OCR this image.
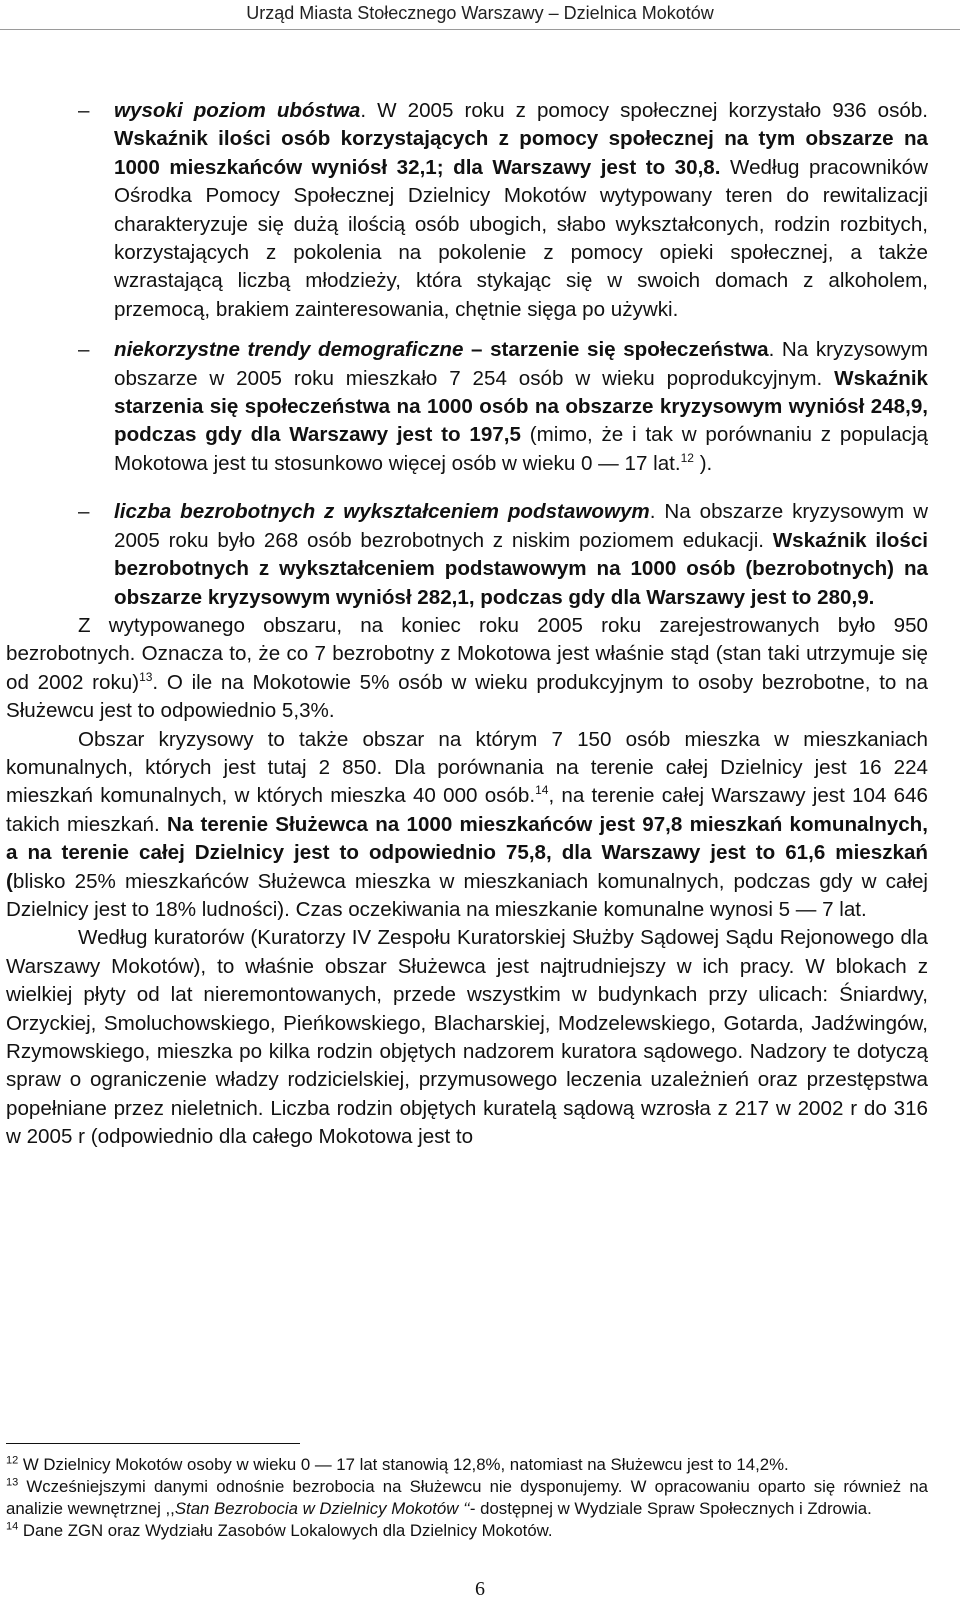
Urząd Miasta Stołecznego Warszawy – Dzielnica Mokotów

– wysoki poziom ubóstwa. W 2005 roku z pomocy społecznej korzystało 936 osób. Wskaźnik ilości osób korzystających z pomocy społecznej na tym obszarze na 1000 mieszkańców wyniósł 32,1; dla Warszawy jest to 30,8. Według pracowników Ośrodka Pomocy Społecznej Dzielnicy Mokotów wytypowany teren do rewitalizacji charakteryzuje się dużą ilością osób ubogich, słabo wykształconych, rodzin rozbitych, korzystających z pokolenia na pokolenie z pomocy opieki społecznej, a także wzrastającą liczbą młodzieży, która stykając się w swoich domach z alkoholem, przemocą, brakiem zainteresowania, chętnie sięga po używki.

– niekorzystne trendy demograficzne – starzenie się społeczeństwa. Na kryzysowym obszarze w 2005 roku mieszkało 7 254 osób w wieku poprodukcyjnym. Wskaźnik starzenia się społeczeństwa na 1000 osób na obszarze kryzysowym wyniósł 248,9, podczas gdy dla Warszawy jest to 197,5 (mimo, że i tak w porównaniu z populacją Mokotowa jest tu stosunkowo więcej osób w wieku 0 — 17 lat.$^{12}$ ).

– liczba bezrobotnych z wykształceniem podstawowym. Na obszarze kryzysowym w 2005 roku było 268 osób bezrobotnych z niskim poziomem edukacji. Wskaźnik ilości bezrobotnych z wykształceniem podstawowym na 1000 osób (bezrobotnych) na obszarze kryzysowym wyniósł 282,1, podczas gdy dla Warszawy jest to 280,9.

Z wytypowanego obszaru, na koniec roku 2005 roku zarejestrowanych było 950 bezrobotnych. Oznacza to, że co 7 bezrobotny z Mokotowa jest właśnie stąd (stan taki utrzymuje się od 2002 roku)$^{13}$. O ile na Mokotowie 5% osób w wieku produkcyjnym to osoby bezrobotne, to na Służewcu jest to odpowiednio 5,3%.

Obszar kryzysowy to także obszar na którym 7 150 osób mieszka w mieszkaniach komunalnych, których jest tutaj 2 850. Dla porównania na terenie całej Dzielnicy jest 16 224 mieszkań komunalnych, w których mieszka 40 000 osób.$^{14}$, na terenie całej Warszawy jest 104 646 takich mieszkań. Na terenie Służewca na 1000 mieszkańców jest 97,8 mieszkań komunalnych, a na terenie całej Dzielnicy jest to odpowiednio 75,8, dla Warszawy jest to 61,6 mieszkań (blisko 25% mieszkańców Służewca mieszka w mieszkaniach komunalnych, podczas gdy w całej Dzielnicy jest to 18% ludności). Czas oczekiwania na mieszkanie komunalne wynosi 5 — 7 lat.

Według kuratorów (Kuratorzy IV Zespołu Kuratorskiej Służby Sądowej Sądu Rejonowego dla Warszawy Mokotów), to właśnie obszar Służewca jest najtrudniejszy w ich pracy. W blokach z wielkiej płyty od lat nieremontowanych, przede wszystkim w budynkach przy ulicach: Śniardwy, Orzyckiej, Smoluchowskiego, Pieńkowskiego, Blacharskiej, Modzelewskiego, Gotarda, Jadźwingów, Rzymowskiego, mieszka po kilka rodzin objętych nadzorem kuratora sądowego. Nadzory te dotyczą spraw o ograniczenie władzy rodzicielskiej, przymusowego leczenia uzależnień oraz przestępstwa popełniane przez nieletnich. Liczba rodzin objętych kuratelą sądową wzrosła z 217 w 2002 r do 316 w 2005 r (odpowiednio dla całego Mokotowa jest to

$^{12}$ W Dzielnicy Mokotów osoby w wieku 0 — 17 lat stanowią 12,8%, natomiast na Służewcu jest to 14,2%.

$^{13}$ Wcześniejszymi danymi odnośnie bezrobocia na Służewcu nie dysponujemy. W opracowaniu oparto się również na analizie wewnętrznej ,,Stan Bezrobocia w Dzielnicy Mokotów ‘‘- dostępnej w Wydziale Spraw Społecznych i Zdrowia.

$^{14}$ Dane ZGN oraz Wydziału Zasobów Lokalowych dla Dzielnicy Mokotów.

6
